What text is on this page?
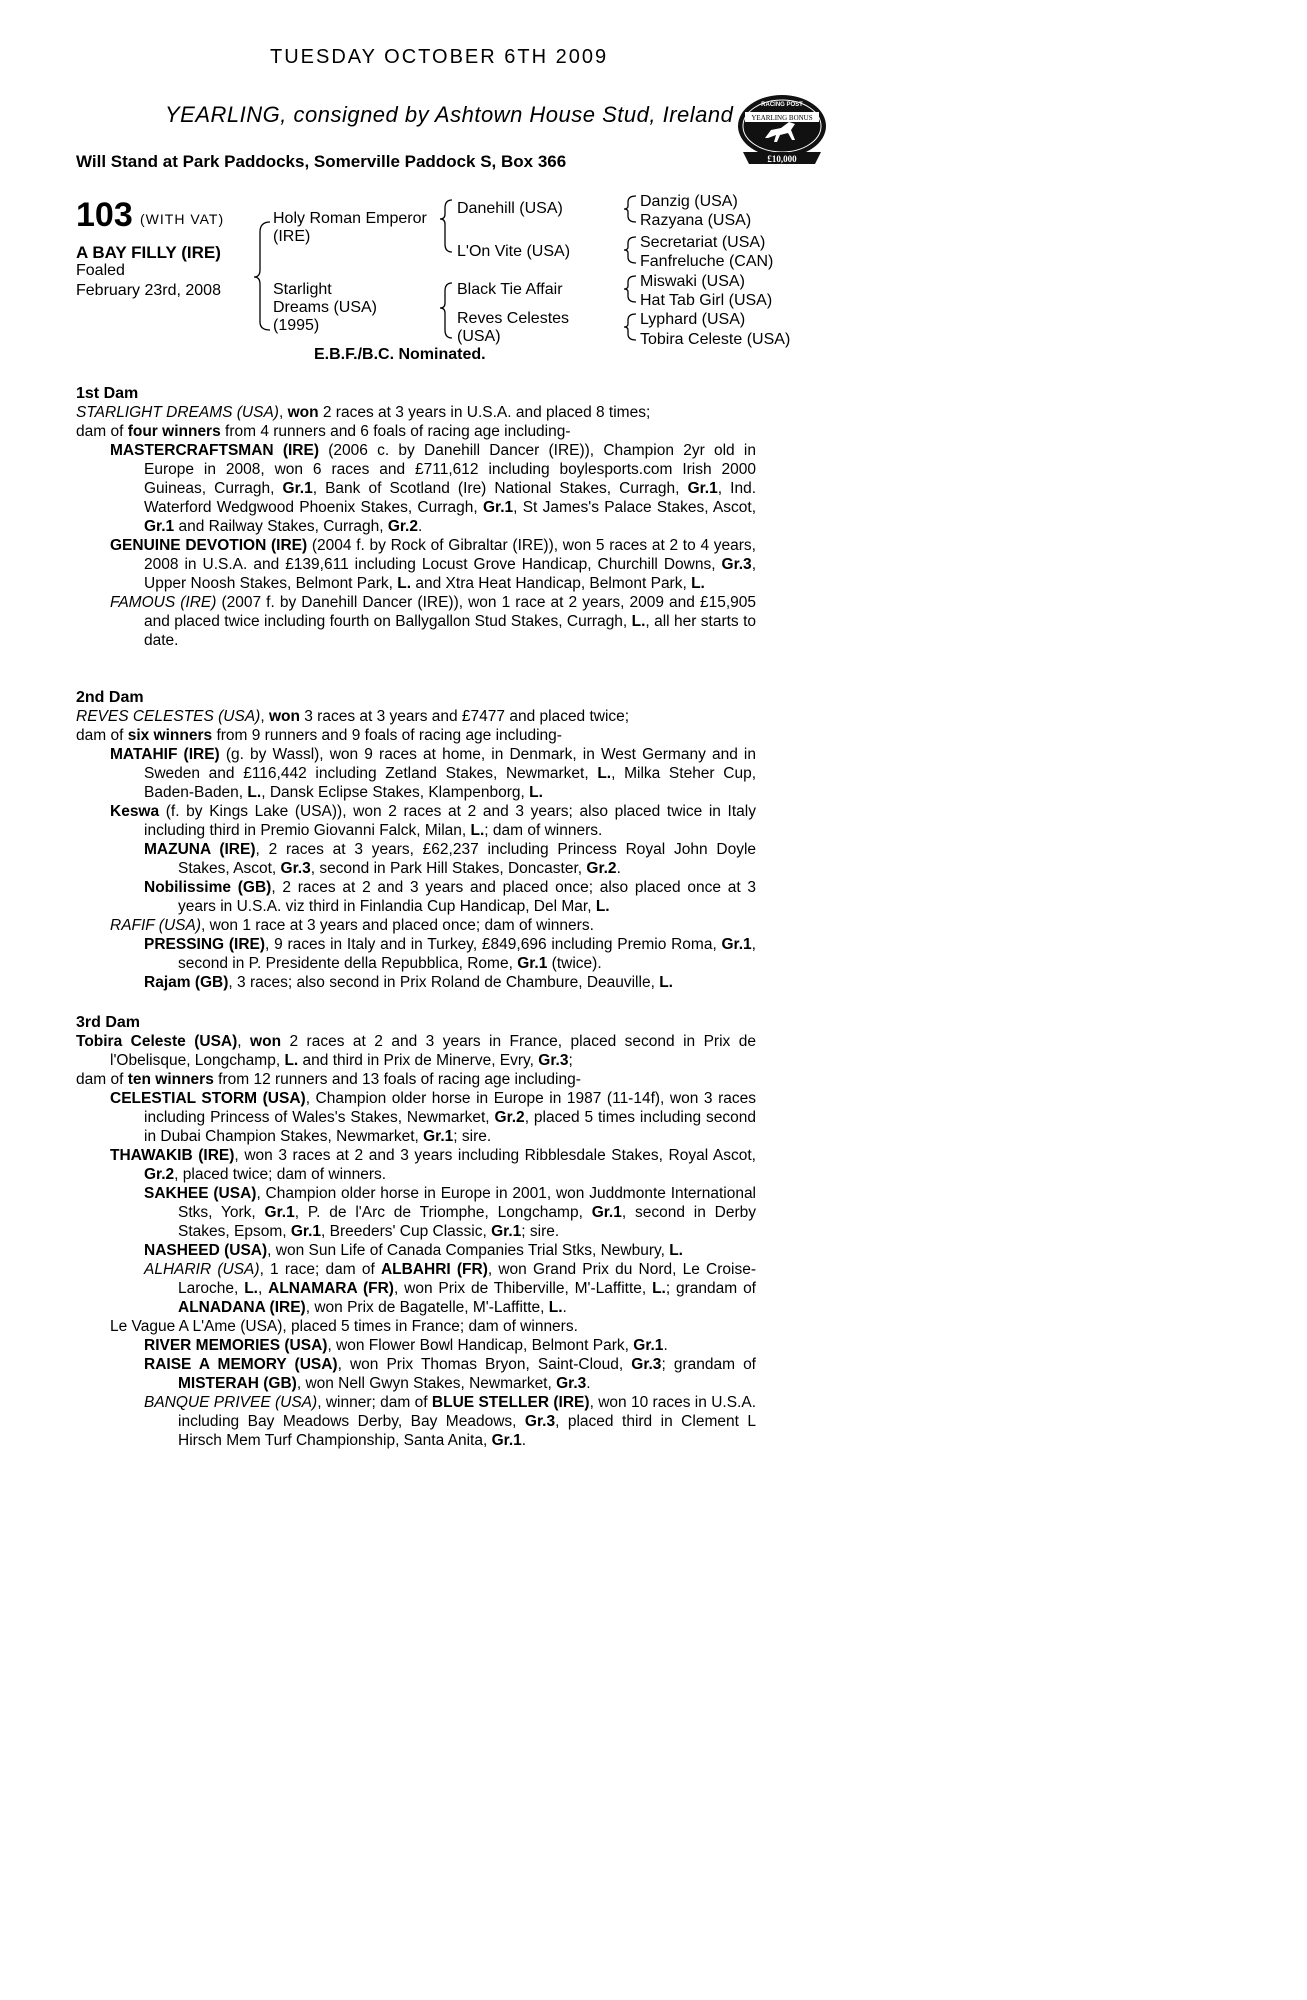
TUESDAY OCTOBER 6TH 2009
YEARLING, consigned by Ashtown House Stud, Ireland
Will Stand at Park Paddocks, Somerville Paddock S, Box 366
RACING POST
YEARLING BONUS
£10,000
103 (WITH VAT)
A BAY FILLY (IRE)
Foaled
February 23rd, 2008
Holy Roman Emperor (IRE)
Starlight Dreams (USA) (1995)
Danehill (USA)
L'On Vite (USA)
Black Tie Affair
Reves Celestes (USA)
Danzig (USA)
Razyana (USA)
Secretariat (USA)
Fanfreluche (CAN)
Miswaki (USA)
Hat Tab Girl (USA)
Lyphard (USA)
Tobira Celeste (USA)
E.B.F./B.C. Nominated.
1st Dam

STARLIGHT DREAMS (USA), won 2 races at 3 years in U.S.A. and placed 8 times;

dam of four winners from 4 runners and 6 foals of racing age including-

MASTERCRAFTSMAN (IRE) (2006 c. by Danehill Dancer (IRE)), Champion 2yr old in Europe in 2008, won 6 races and £711,612 including boylesports.com Irish 2000 Guineas, Curragh, Gr.1, Bank of Scotland (Ire) National Stakes, Curragh, Gr.1, Ind. Waterford Wedgwood Phoenix Stakes, Curragh, Gr.1, St James's Palace Stakes, Ascot, Gr.1 and Railway Stakes, Curragh, Gr.2.

GENUINE DEVOTION (IRE) (2004 f. by Rock of Gibraltar (IRE)), won 5 races at 2 to 4 years, 2008 in U.S.A. and £139,611 including Locust Grove Handicap, Churchill Downs, Gr.3, Upper Noosh Stakes, Belmont Park, L. and Xtra Heat Handicap, Belmont Park, L.

FAMOUS (IRE) (2007 f. by Danehill Dancer (IRE)), won 1 race at 2 years, 2009 and £15,905 and placed twice including fourth on Ballygallon Stud Stakes, Curragh, L., all her starts to date.

2nd Dam

REVES CELESTES (USA), won 3 races at 3 years and £7477 and placed twice;

dam of six winners from 9 runners and 9 foals of racing age including-

MATAHIF (IRE) (g. by Wassl), won 9 races at home, in Denmark, in West Germany and in Sweden and £116,442 including Zetland Stakes, Newmarket, L., Milka Steher Cup, Baden-Baden, L., Dansk Eclipse Stakes, Klampenborg, L.

Keswa (f. by Kings Lake (USA)), won 2 races at 2 and 3 years; also placed twice in Italy including third in Premio Giovanni Falck, Milan, L.; dam of winners.

MAZUNA (IRE), 2 races at 3 years, £62,237 including Princess Royal John Doyle Stakes, Ascot, Gr.3, second in Park Hill Stakes, Doncaster, Gr.2.

Nobilissime (GB), 2 races at 2 and 3 years and placed once; also placed once at 3 years in U.S.A. viz third in Finlandia Cup Handicap, Del Mar, L.

RAFIF (USA), won 1 race at 3 years and placed once; dam of winners.

PRESSING (IRE), 9 races in Italy and in Turkey, £849,696 including Premio Roma, Gr.1, second in P. Presidente della Repubblica, Rome, Gr.1 (twice).

Rajam (GB), 3 races; also second in Prix Roland de Chambure, Deauville, L.

3rd Dam

Tobira Celeste (USA), won 2 races at 2 and 3 years in France, placed second in Prix de l'Obelisque, Longchamp, L. and third in Prix de Minerve, Evry, Gr.3;

dam of ten winners from 12 runners and 13 foals of racing age including-

CELESTIAL STORM (USA), Champion older horse in Europe in 1987 (11-14f), won 3 races including Princess of Wales's Stakes, Newmarket, Gr.2, placed 5 times including second in Dubai Champion Stakes, Newmarket, Gr.1; sire.

THAWAKIB (IRE), won 3 races at 2 and 3 years including Ribblesdale Stakes, Royal Ascot, Gr.2, placed twice; dam of winners.

SAKHEE (USA), Champion older horse in Europe in 2001, won Juddmonte International Stks, York, Gr.1, P. de l'Arc de Triomphe, Longchamp, Gr.1, second in Derby Stakes, Epsom, Gr.1, Breeders' Cup Classic, Gr.1; sire.

NASHEED (USA), won Sun Life of Canada Companies Trial Stks, Newbury, L.

ALHARIR (USA), 1 race; dam of ALBAHRI (FR), won Grand Prix du Nord, Le Croise-Laroche, L., ALNAMARA (FR), won Prix de Thiberville, M'-Laffitte, L.; grandam of ALNADANA (IRE), won Prix de Bagatelle, M'-Laffitte, L..

Le Vague A L'Ame (USA), placed 5 times in France; dam of winners.

RIVER MEMORIES (USA), won Flower Bowl Handicap, Belmont Park, Gr.1.

RAISE A MEMORY (USA), won Prix Thomas Bryon, Saint-Cloud, Gr.3; grandam of MISTERAH (GB), won Nell Gwyn Stakes, Newmarket, Gr.3.

BANQUE PRIVEE (USA), winner; dam of BLUE STELLER (IRE), won 10 races in U.S.A. including Bay Meadows Derby, Bay Meadows, Gr.3, placed third in Clement L Hirsch Mem Turf Championship, Santa Anita, Gr.1.
